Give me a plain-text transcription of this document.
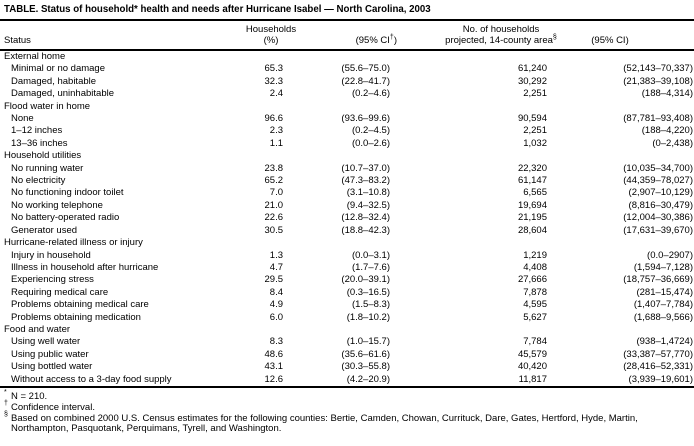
TABLE. Status of household* health and needs after Hurricane Isabel — North Carolina, 2003
	Households		No. of households	
Status	(%)	(95% CI†)	projected, 14-county area§	(95% CI)
External home				
Minimal or no damage	65.3	(55.6–75.0)	61,240	(52,143–70,337)
Damaged, habitable	32.3	(22.8–41.7)	30,292	(21,383–39,108)
Damaged, uninhabitable	2.4	(0.2–4.6)	2,251	(188–4,314)
Flood water in home				
None	96.6	(93.6–99.6)	90,594	(87,781–93,408)
1–12 inches	2.3	(0.2–4.5)	2,251	(188–4,220)
13–36 inches	1.1	(0.0–2.6)	1,032	(0–2,438)
Household utilities				
No running water	23.8	(10.7–37.0)	22,320	(10,035–34,700)
No electricity	65.2	(47.3–83.2)	61,147	(44,359–78,027)
No functioning indoor toilet	7.0	(3.1–10.8)	6,565	(2,907–10,129)
No working telephone	21.0	(9.4–32.5)	19,694	(8,816–30,479)
No battery-operated radio	22.6	(12.8–32.4)	21,195	(12,004–30,386)
Generator used	30.5	(18.8–42.3)	28,604	(17,631–39,670)
Hurricane-related illness or injury				
Injury in household	1.3	(0.0–3.1)	1,219	(0.0–2907)
Illness in household after hurricane	4.7	(1.7–7.6)	4,408	(1,594–7,128)
Experiencing stress	29.5	(20.0–39.1)	27,666	(18,757–36,669)
Requiring medical care	8.4	(0.3–16.5)	7,878	(281–15,474)
Problems obtaining medical care	4.9	(1.5–8.3)	4,595	(1,407–7,784)
Problems obtaining medication	6.0	(1.8–10.2)	5,627	(1,688–9,566)
Food and water				
Using well water	8.3	(1.0–15.7)	7,784	(938–1,4724)
Using public water	48.6	(35.6–61.6)	45,579	(33,387–57,770)
Using bottled water	43.1	(30.3–55.8)	40,420	(28,416–52,331)
Without access to a 3-day food supply	12.6	(4.2–20.9)	11,817	(3,939–19,601)
* N = 210.
† Confidence interval.
§ Based on combined 2000 U.S. Census estimates for the following counties: Bertie, Camden, Chowan, Currituck, Dare, Gates, Hertford, Hyde, Martin, Northampton, Pasquotank, Perquimans, Tyrell, and Washington.
